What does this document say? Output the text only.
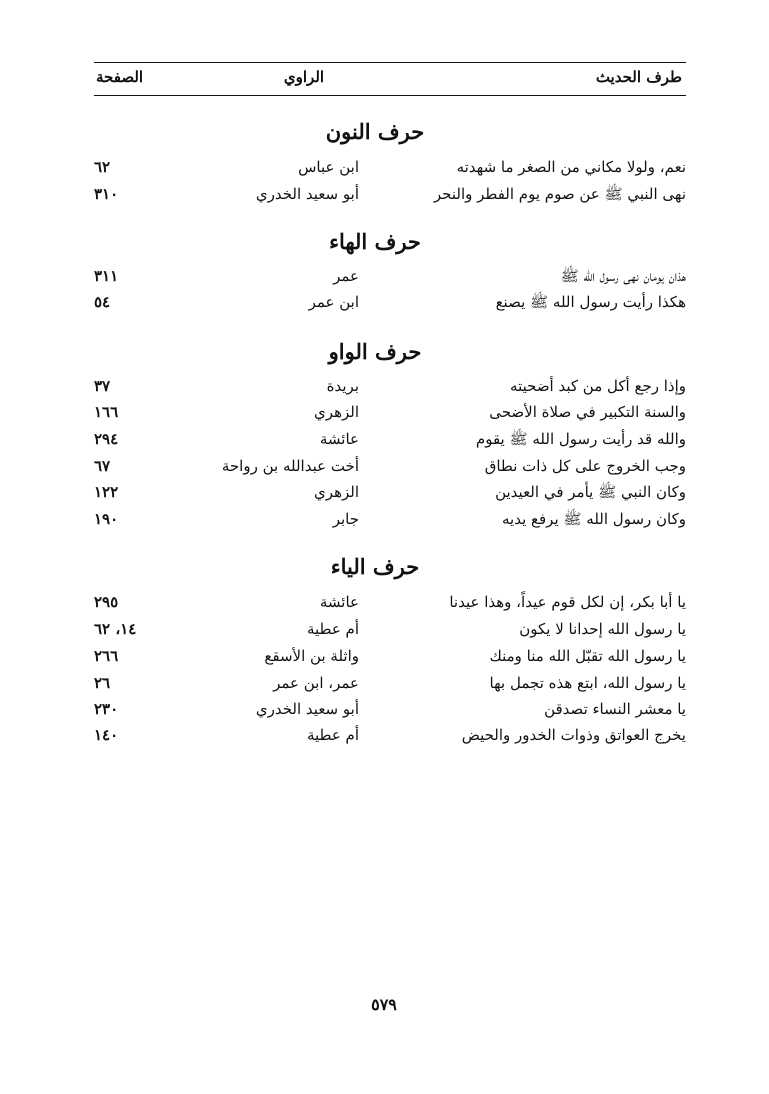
طرف الحديث
الراوي
الصفحة
حرف النون
نعم، ولولا مكاني من الصغر ما شهدته
ابن عباس
٦٢
نهى النبي ﷺ عن صوم يوم الفطر والنحر
أبو سعيد الخدري
٣١٠
حرف الهاء
هذان يومان نهى رسول الله ﷺ
عمر
٣١١
هكذا رأيت رسول الله ﷺ يصنع
ابن عمر
٥٤
حرف الواو
وإذا رجع أكل من كبد أضحيته
بريدة
٣٧
والسنة التكبير في صلاة الأضحى
الزهري
١٦٦
والله قد رأيت رسول الله ﷺ يقوم
عائشة
٢٩٤
وجب الخروج على كل ذات نطاق
أخت عبدالله بن رواحة
٦٧
وكان النبي ﷺ يأمر في العيدين
الزهري
١٢٢
وكان رسول الله ﷺ يرفع يديه
جابر
١٩٠
حرف الياء
يا أبا بكر، إن لكل قوم عيداً، وهذا عيدنا
عائشة
٢٩٥
يا رسول الله إحدانا لا يكون
أم عطية
١٤، ٦٢
يا رسول الله تقبّل الله منا ومنك
واثلة بن الأسقع
٢٦٦
يا رسول الله، ابتع هذه تجمل بها
عمر، ابن عمر
٢٦
يا معشر النساء تصدقن
أبو سعيد الخدري
٢٣٠
يخرج العواتق وذوات الخدور والحيض
أم عطية
١٤٠
٥٧٩
